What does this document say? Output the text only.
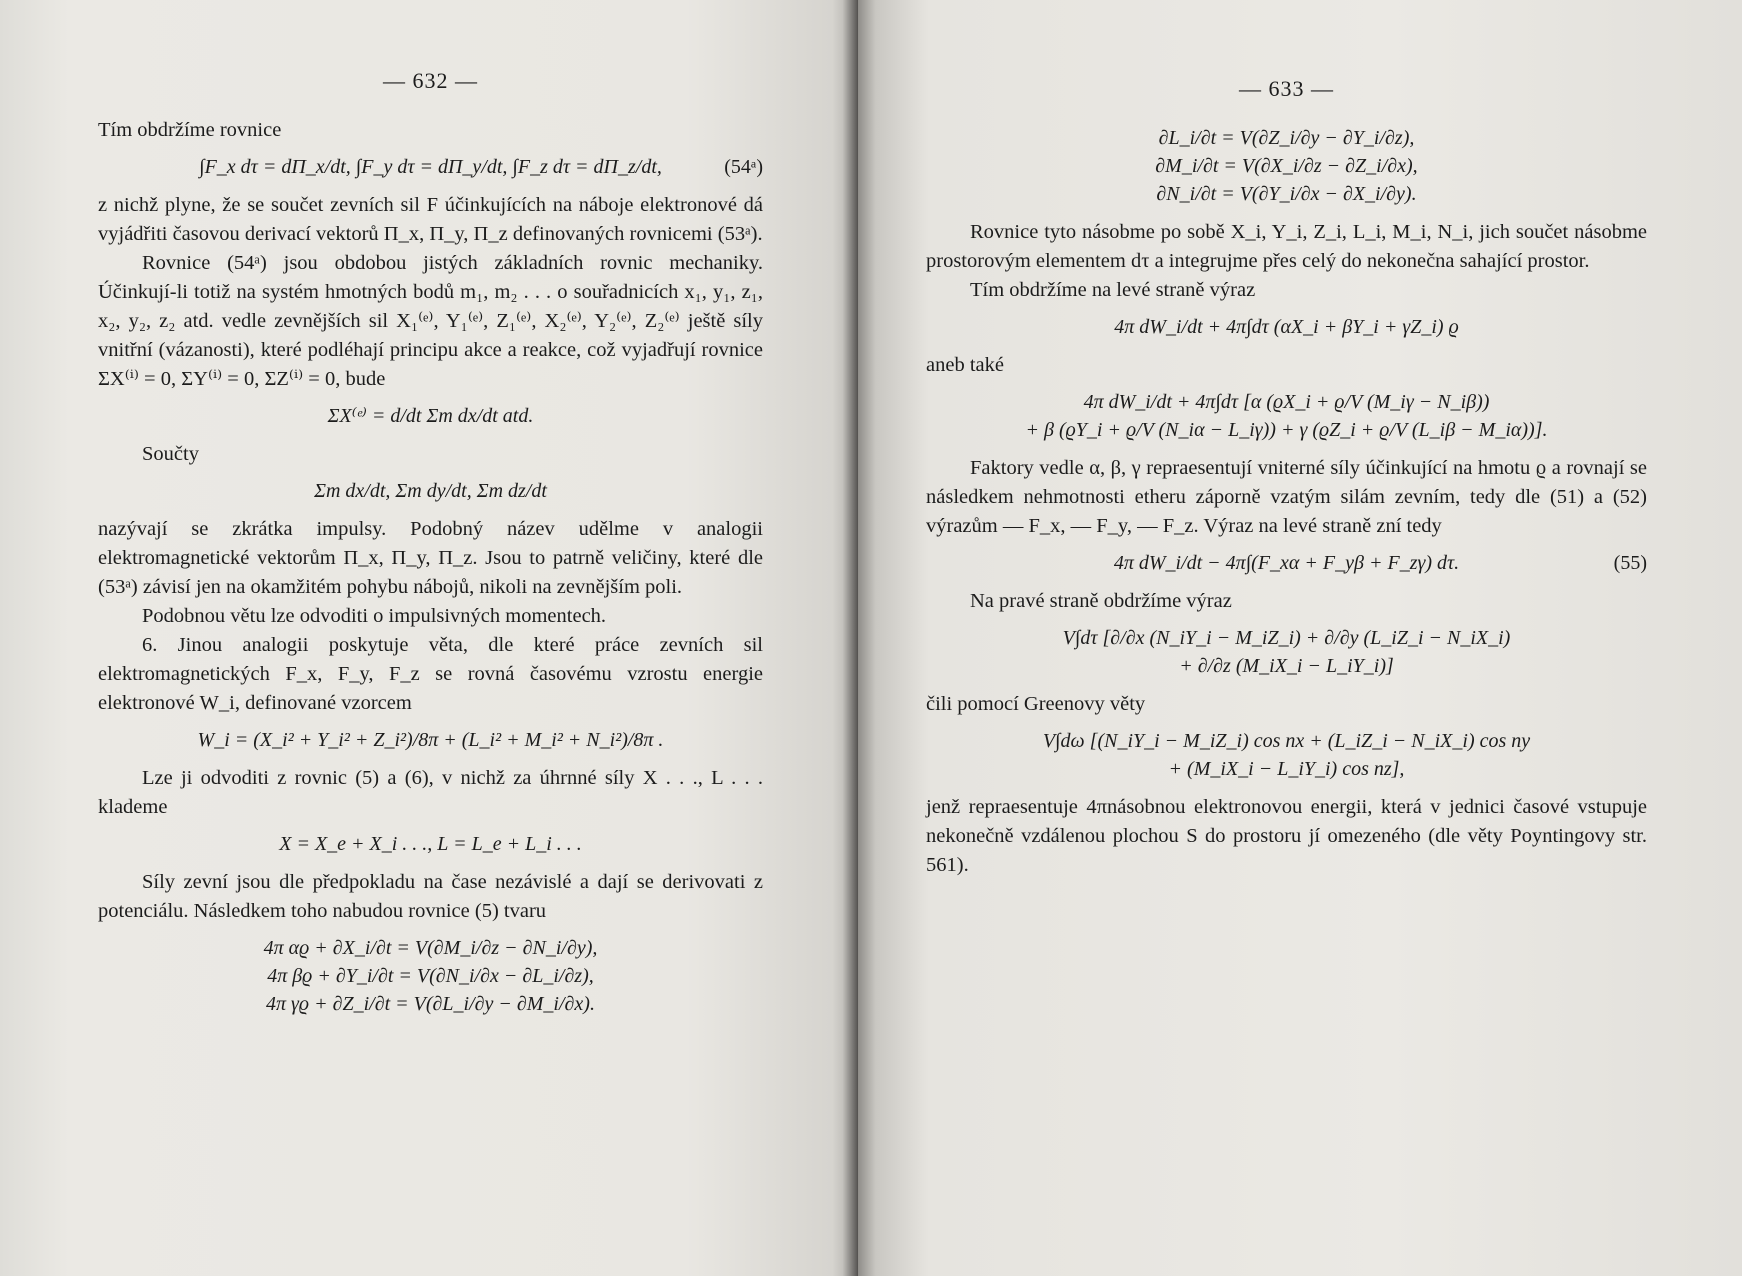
— 632 —

Tím obdržíme rovnice

∫F_x dτ = dΠ_x/dt, ∫F_y dτ = dΠ_y/dt, ∫F_z dτ = dΠ_z/dt,	(54ᵃ)

z nichž plyne, že se součet zevních sil F účinkujících na náboje elektronové dá vyjádřiti časovou derivací vektorů Π_x, Π_y, Π_z definovaných rovnicemi (53ᵃ).

Rovnice (54ᵃ) jsou obdobou jistých základních rovnic mechaniky. Účinkují-li totiž na systém hmotných bodů m₁, m₂ . . . o souřadnicích x₁, y₁, z₁, x₂, y₂, z₂ atd. vedle zevnějších sil X₁⁽ᵉ⁾, Y₁⁽ᵉ⁾, Z₁⁽ᵉ⁾, X₂⁽ᵉ⁾, Y₂⁽ᵉ⁾, Z₂⁽ᵉ⁾ ještě síly vnitřní (vázanosti), které podléhají principu akce a reakce, což vyjadřují rovnice ΣX⁽ⁱ⁾ = 0, ΣY⁽ⁱ⁾ = 0, ΣZ⁽ⁱ⁾ = 0, bude

ΣX⁽ᵉ⁾ = d/dt Σm dx/dt atd.

Součty

Σm dx/dt, Σm dy/dt, Σm dz/dt

nazývají se zkrátka impulsy. Podobný název udělme v analogii elektromagnetické vektorům Π_x, Π_y, Π_z. Jsou to patrně veličiny, které dle (53ᵃ) závisí jen na okamžitém pohybu nábojů, nikoli na zevnějším poli.

Podobnou větu lze odvoditi o impulsivných momentech.

6. Jinou analogii poskytuje věta, dle které práce zevních sil elektromagnetických F_x, F_y, F_z se rovná časovému vzrostu energie elektronové W_i, definované vzorcem

W_i = (X_i² + Y_i² + Z_i²)/8π + (L_i² + M_i² + N_i²)/8π .

Lze ji odvoditi z rovnic (5) a (6), v nichž za úhrnné síly X . . ., L . . . klademe

X = X_e + X_i . . ., L = L_e + L_i . . .

Síly zevní jsou dle předpokladu na čase nezávislé a dají se derivovati z potenciálu. Následkem toho nabudou rovnice (5) tvaru

4π αϱ + ∂X_i/∂t = V(∂M_i/∂z − ∂N_i/∂y),
4π βϱ + ∂Y_i/∂t = V(∂N_i/∂x − ∂L_i/∂z),
4π γϱ + ∂Z_i/∂t = V(∂L_i/∂y − ∂M_i/∂x).
— 633 —
∂L_i/∂t = V(∂Z_i/∂y − ∂Y_i/∂z),
∂M_i/∂t = V(∂X_i/∂z − ∂Z_i/∂x),
∂N_i/∂t = V(∂Y_i/∂x − ∂X_i/∂y).

Rovnice tyto násobme po sobě X_i, Y_i, Z_i, L_i, M_i, N_i, jich součet násobme prostorovým elementem dτ a integrujme přes celý do nekonečna sahající prostor.

Tím obdržíme na levé straně výraz

4π dW_i/dt + 4π∫dτ (αX_i + βY_i + γZ_i) ϱ

aneb také

4π dW_i/dt + 4π∫dτ [α (ϱX_i + ϱ/V (M_iγ − N_iβ))
+ β (ϱY_i + ϱ/V (N_iα − L_iγ)) + γ (ϱZ_i + ϱ/V (L_iβ − M_iα))].

Faktory vedle α, β, γ repraesentují vniterné síly účinkující na hmotu ϱ a rovnají se následkem nehmotnosti etheru záporně vzatým silám zevním, tedy dle (51) a (52) výrazům — F_x, — F_y, — F_z. Výraz na levé straně zní tedy

4π dW_i/dt − 4π∫(F_xα + F_yβ + F_zγ) dτ.	(55)

Na pravé straně obdržíme výraz

V∫dτ [∂/∂x (N_iY_i − M_iZ_i) + ∂/∂y (L_iZ_i − N_iX_i)
+ ∂/∂z (M_iX_i − L_iY_i)]

čili pomocí Greenovy věty

V∫dω [(N_iY_i − M_iZ_i) cos nx + (L_iZ_i − N_iX_i) cos ny
+ (M_iX_i − L_iY_i) cos nz],

jenž repraesentuje 4πnásobnou elektronovou energii, která v jednici časové vstupuje nekonečně vzdálenou plochou S do prostoru jí omezeného (dle věty Poyntingovy str. 561).
